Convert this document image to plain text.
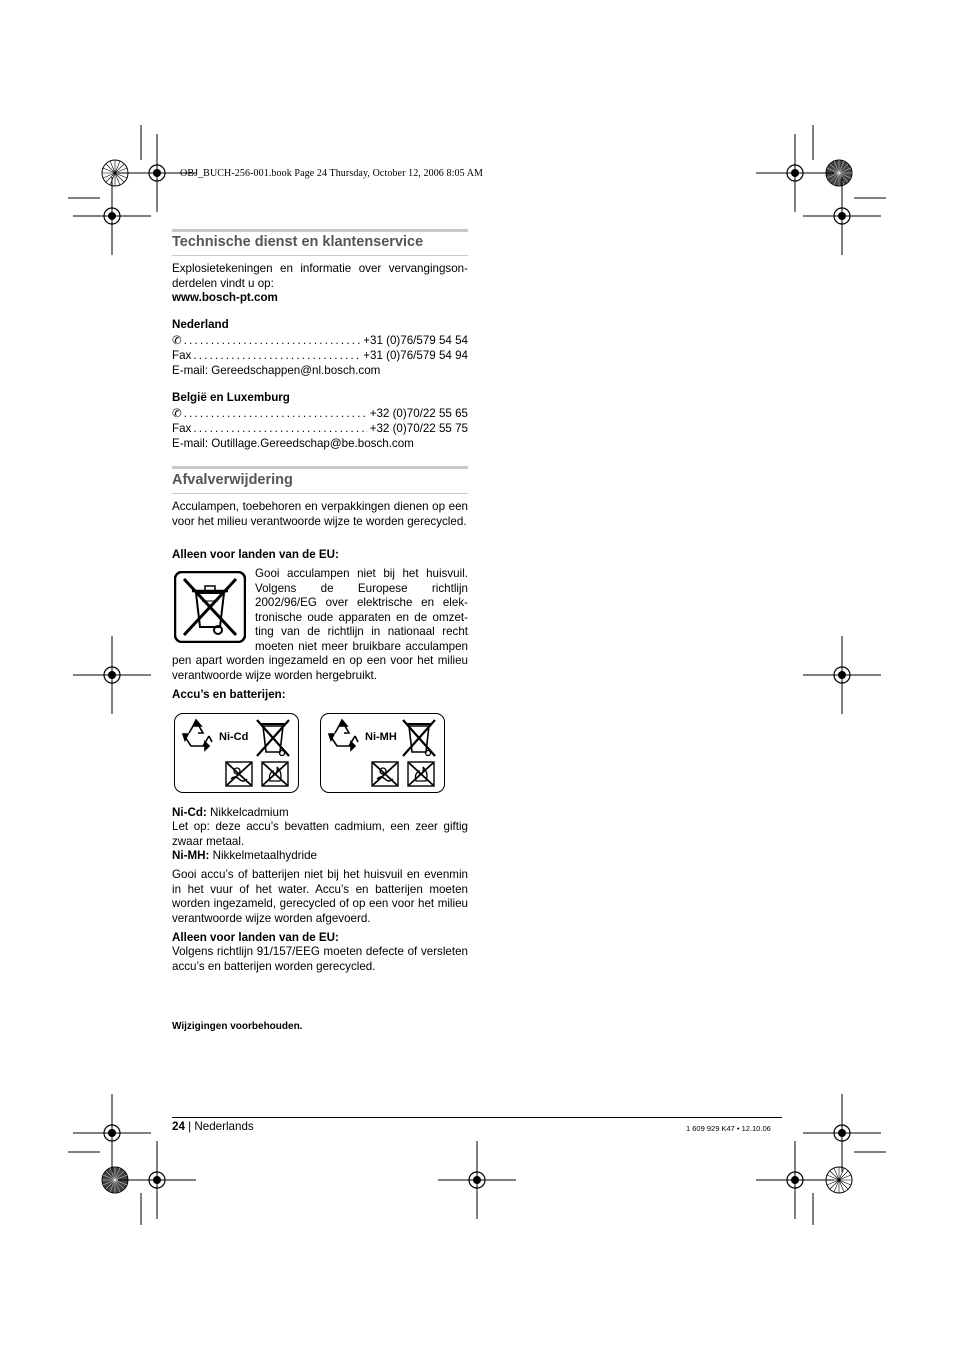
OBJ_BUCH-256-001.book Page 24 Thursday, October 12, 2006 8:05 AM
Technische dienst en klantenservice
Explosietekeningen en informatie over vervangingsonderdelen vindt u op:
www.bosch-pt.com
Nederland
✆ .....	+31 (0)76/579 54 54
Fax .....	+31 (0)76/579 54 94
E-mail: Gereedschappen@nl.bosch.com
België en Luxemburg
✆ .....	+32 (0)70/22 55 65
Fax .....	+32 (0)70/22 55 75
E-mail: Outillage.Gereedschap@be.bosch.com
Afvalverwijdering
Acculampen, toebehoren en verpakkingen dienen op een voor het milieu verantwoorde wijze te worden gerecycled.
Alleen voor landen van de EU:
Gooi acculampen niet bij het huisvuil. Volgens de Europese richtlijn 2002/96/EG over elektrische en elektronische oude apparaten en de omzetting van de richtlijn in nationaal recht moeten niet meer bruikbare acculampen
pen apart worden ingezameld en op een voor het milieu verantwoorde wijze worden hergebruikt.
Accu’s en batterijen:
Ni-Cd	Ni-MH
Ni-Cd: Nikkelcadmium
Let op: deze accu’s bevatten cadmium, een zeer giftig zwaar metaal.
Ni-MH: Nikkelmetaalhydride
Gooi accu’s of batterijen niet bij het huisvuil en evenmin in het vuur of het water. Accu’s en batterijen moeten worden ingezameld, gerecycled of op een voor het milieu verantwoorde wijze worden afgevoerd.
Alleen voor landen van de EU:
Volgens richtlijn 91/157/EEG moeten defecte of versleten accu’s en batterijen worden gerecycled.
Wijzigingen voorbehouden.
24 | Nederlands	1 609 929 K47 • 12.10.06
